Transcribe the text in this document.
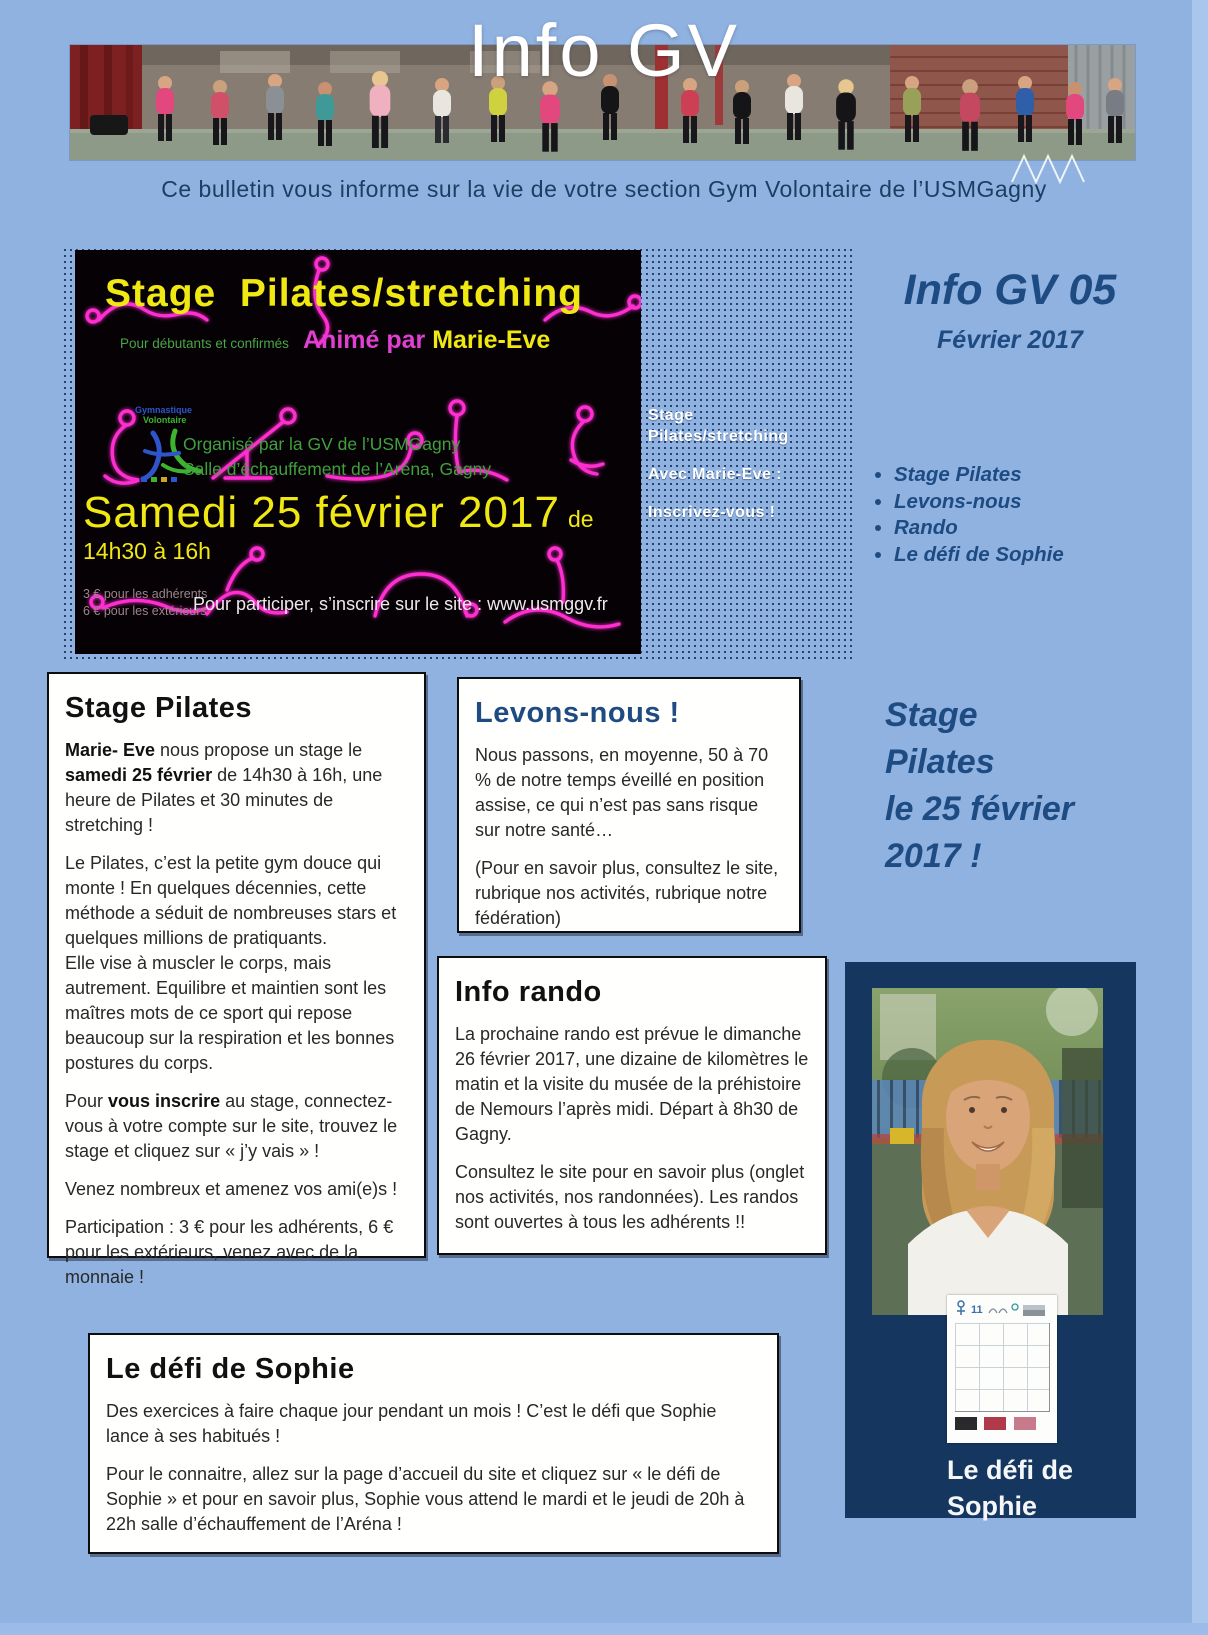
Info GV
Ce bulletin vous informe sur la vie de votre section Gym Volontaire de l’USMGagny
Stage  Pilates/stretching
Animé par Marie-Eve
Pour débutants et confirmés
Gymnastique
Volontaire
Organisé par la GV de l’USMGagny
Salle d’échauffement de l’Aréna, Gagny
Samedi 25 février 2017 de 14h30 à 16h
3 € pour les adhérents
6 € pour les extérieurs
Pour participer, s’inscrire sur le site : www.usmggv.fr
Stage Pilates/stretching
Avec Marie-Eve :
Inscrivez-vous !
Info GV 05
Février 2017
• Stage Pilates
• Levons-nous
• Rando
• Le défi de Sophie
Stage Pilates

Marie- Eve nous propose un stage le samedi 25 février de 14h30 à 16h, une heure de Pilates et 30 minutes de stretching !

Le Pilates, c’est la petite gym douce qui monte ! En quelques décennies, cette méthode a séduit de nombreuses stars et quelques millions de pratiquants.

Elle vise à muscler le corps, mais autrement. Equilibre et maintien sont les maîtres mots de ce sport qui repose beaucoup sur la respiration et les bonnes postures du corps.

Pour vous inscrire au stage, connectez-vous à votre compte sur le site, trouvez le stage et cliquez sur « j’y vais » !

Venez nombreux et amenez vos ami(e)s !

Participation : 3 € pour les adhérents, 6 € pour les extérieurs, venez avec de la monnaie !

Levons-nous !

Nous passons, en moyenne, 50 à 70 % de notre temps éveillé en position assise, ce qui n’est pas sans risque sur notre santé…

(Pour en savoir plus, consultez le site, rubrique nos activités, rubrique notre fédération)

Info rando

La prochaine rando est prévue le dimanche 26 février 2017, une dizaine de kilomètres le matin et la visite du musée de la préhistoire de Nemours l’après midi. Départ à 8h30 de Gagny.

Consultez le site pour en savoir plus (onglet nos activités, nos randonnées). Les randos sont ouvertes à tous les adhérents !!

Le défi de Sophie

Des exercices à faire chaque jour pendant un mois ! C’est le défi que Sophie lance à ses habitués !

Pour le connaitre, allez sur la page d’accueil du site et cliquez sur « le défi de Sophie » et pour en savoir plus, Sophie vous attend le mardi et le jeudi de 20h à 22h salle d’échauffement de l’Aréna !

Stage
Pilates
le 25 février
2017 !
11

Le défi de
Sophie
